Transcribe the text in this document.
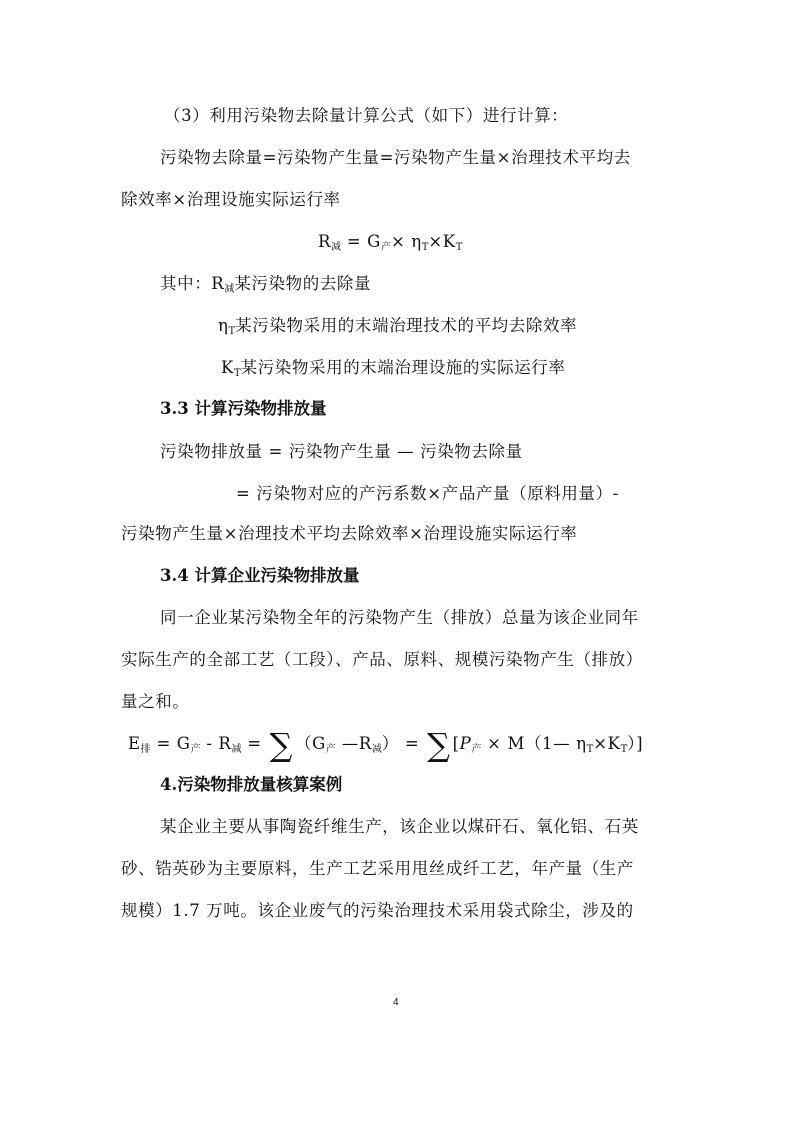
（3）利用污染物去除量计算公式（如下）进行计算：
污染物去除量=污染物产生量=污染物产生量×治理技术平均去
除效率×治理设施实际运行率
$R_减 = G_产\times \eta_T\times K_T$
其中：$R_减$某污染物的去除量
$\eta_T$某污染物采用的末端治理技术的平均去除效率
$K_T$某污染物采用的末端治理设施的实际运行率
3.3 计算污染物排放量
污染物排放量 = 污染物产生量 — 污染物去除量
= 污染物对应的产污系数×产品产量（原料用量）-
污染物产生量×治理技术平均去除效率×治理设施实际运行率
3.4 计算企业污染物排放量
同一企业某污染物全年的污染物产生（排放）总量为该企业同年
实际生产的全部工艺（工段）、产品、原料、规模污染物产生（排放）
量之和。
$E_排 = G_产 - R_减$ = ∑ （$G_产$ $—R_减$） = ∑ [$P_产$ × M（1— $\eta_T\times K_T$）]
4.污染物排放量核算案例
某企业主要从事陶瓷纤维生产，该企业以煤矸石、氧化铝、石英
砂、锆英砂为主要原料，生产工艺采用甩丝成纤工艺，年产量（生产
规模）1.7 万吨。该企业废气的污染治理技术采用袋式除尘，涉及的
4
